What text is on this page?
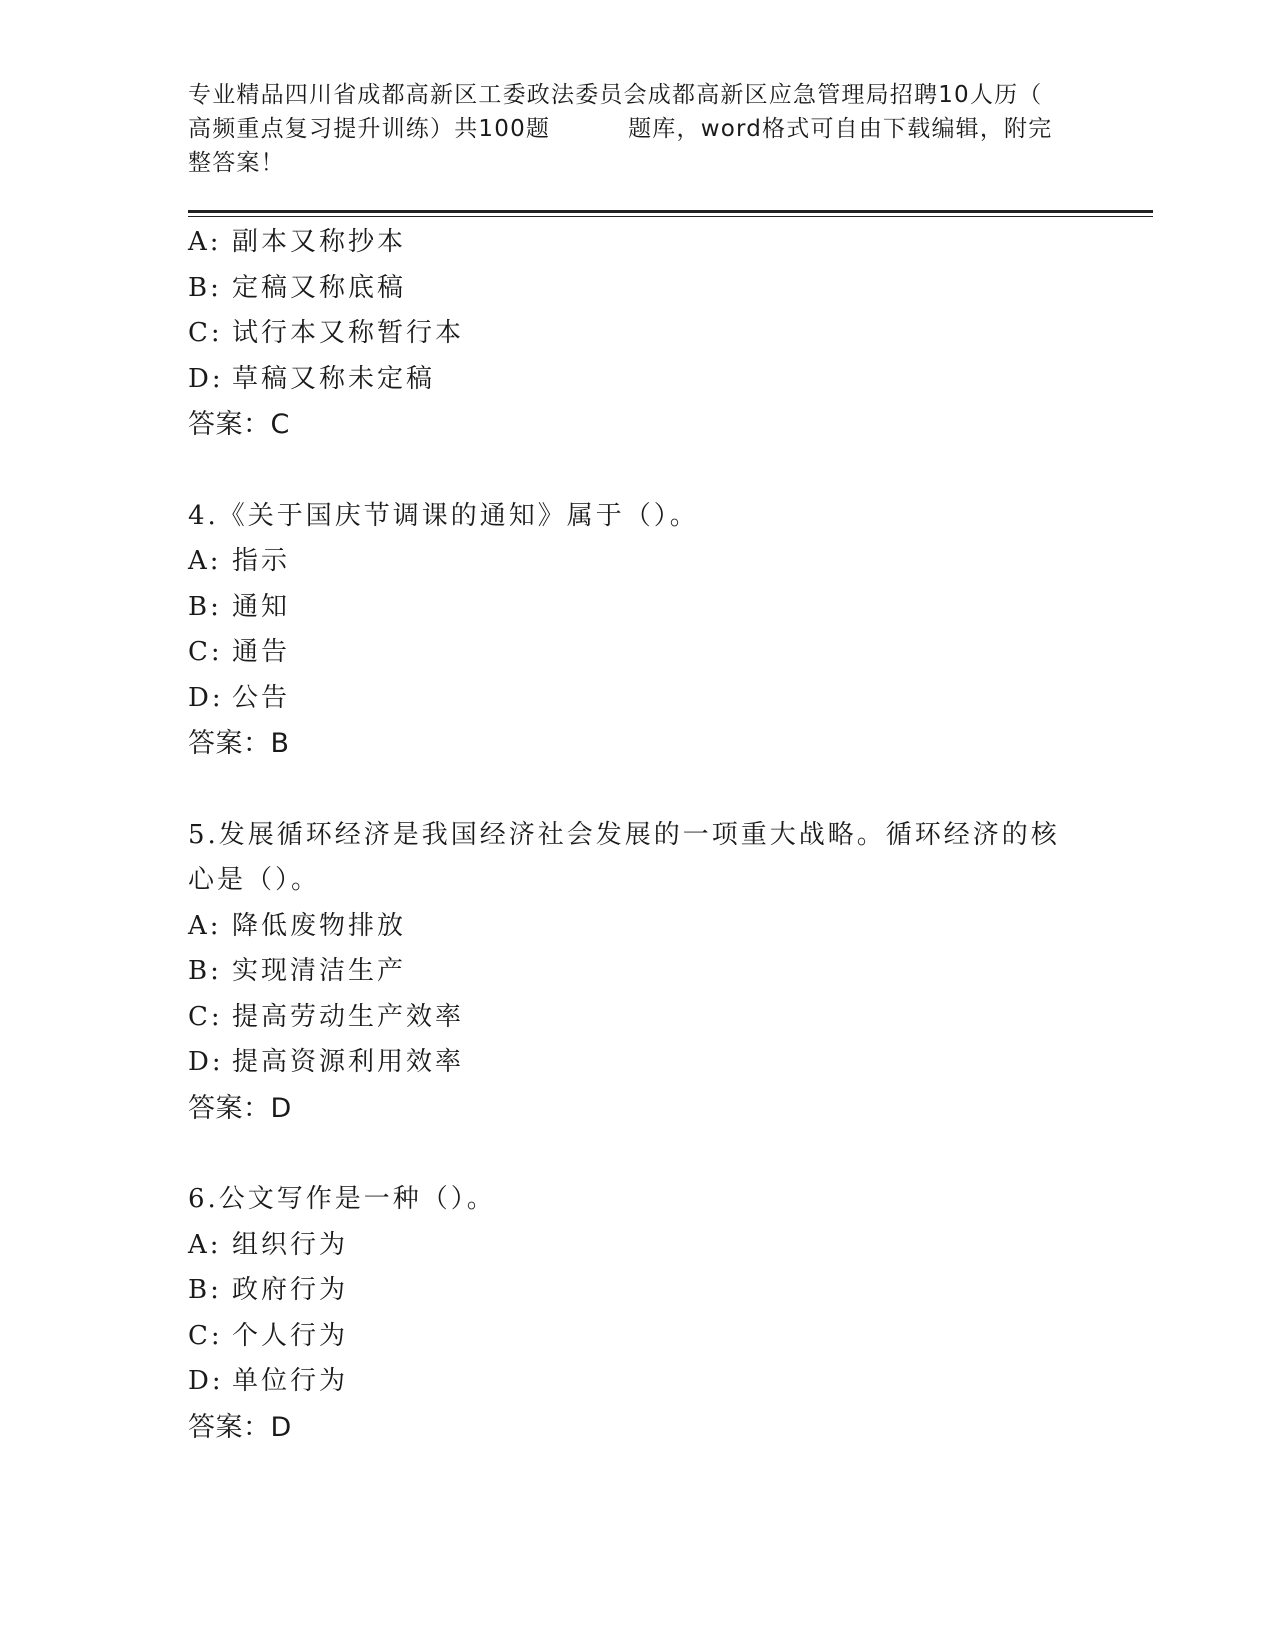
专业精品四川省成都高新区工委政法委员会成都高新区应急管理局招聘10人历（
高频重点复习提升训练）共100题	题库，word格式可自由下载编辑，附完
整答案！
A: 副本又称抄本
B: 定稿又称底稿
C: 试行本又称暂行本
D: 草稿又称未定稿
答案：C
4.《关于国庆节调课的通知》属于（）。
A: 指示
B: 通知
C: 通告
D: 公告
答案：B
5.发展循环经济是我国经济社会发展的一项重大战略。循环经济的核
心是（）。
A: 降低废物排放
B: 实现清洁生产
C: 提高劳动生产效率
D: 提高资源利用效率
答案：D
6.公文写作是一种（）。
A: 组织行为
B: 政府行为
C: 个人行为
D: 单位行为
答案：D
